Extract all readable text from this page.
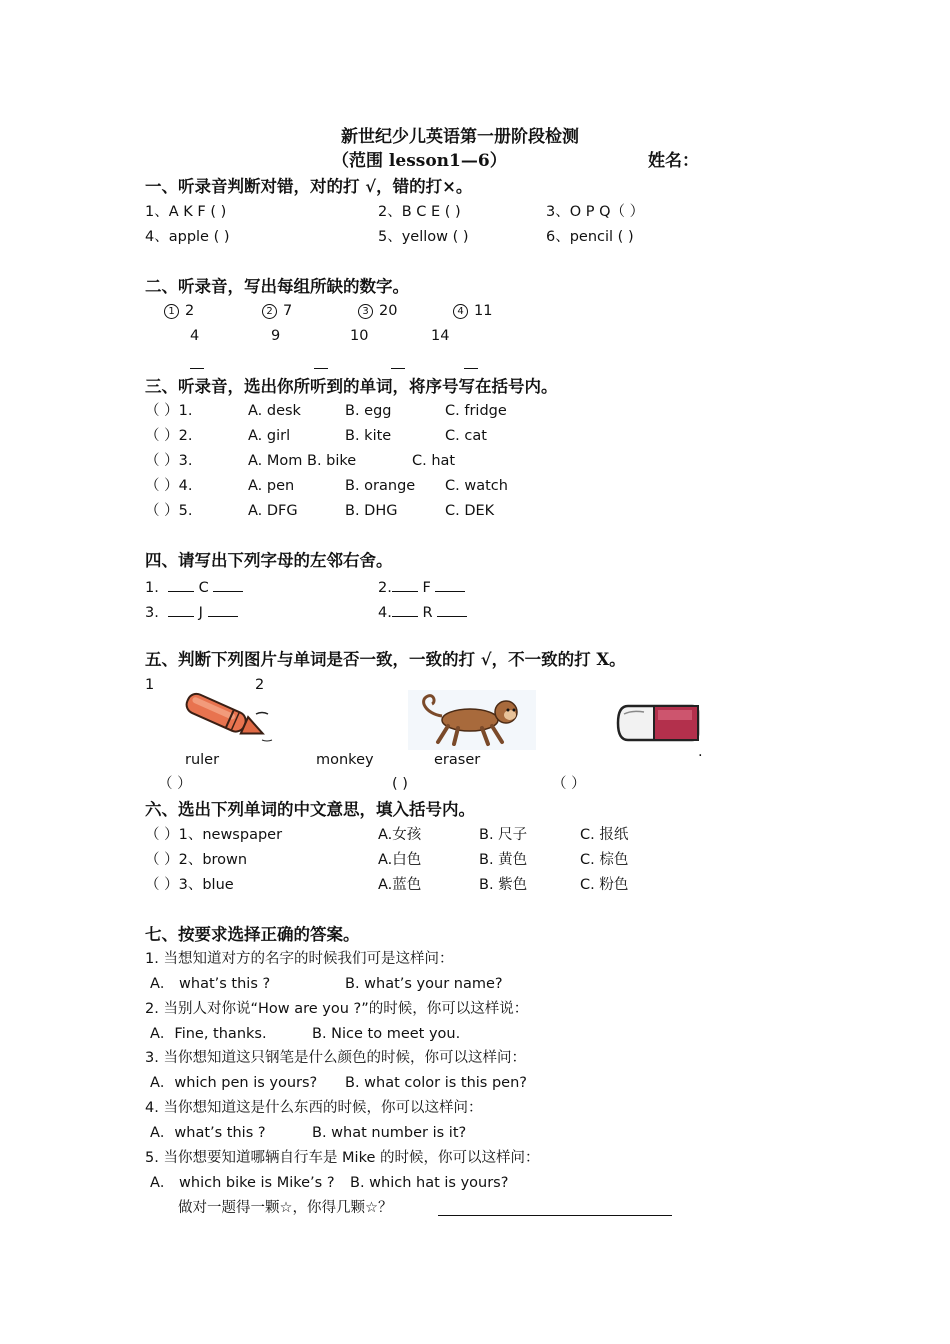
新世纪少儿英语第一册阶段检测
（范围 lesson1—6）	姓名：
一、听录音判断对错，对的打 √，错的打×。
1、A K F ( )	2、B C E ( )	3、O P Q（ ）
4、apple ( )	5、yellow ( )	6、pencil ( )
二、听录音，写出每组所缺的数字。
1 2	2 7	3 20	4 11
4	9	10	14
三、听录音，选出你所听到的单词，将序号写在括号内。
（ ）1.	A. desk	B. egg	C. fridge
（ ）2.	A. girl	B. kite	C. cat
（ ）3.	A. Mom B. bike	C. hat
（ ）4.	A. pen	B. orange C. watch
（ ）5.	A. DFG	B. DHG	C. DEK
四、请写出下列字母的左邻右舍。
1.	C	2. F
3.	J	4. R
五、判断下列图片与单词是否一致，一致的打 √，不一致的打 X。
1	2
.
ruler	monkey	eraser
（ ）	( )	（ ）
六、选出下列单词的中文意思，填入括号内。
（ ）1、newspaper	A.女孩	B. 尺子	C. 报纸
（ ）2、brown	A.白色	B. 黄色	C. 棕色
（ ）3、blue	A.蓝色	B. 紫色	C. 粉色
七、按要求选择正确的答案。
1. 当想知道对方的名字的时候我们可是这样问：
A． what’s this ?	B. what’s your name?
2. 当别人对你说“How are you ?”的时候，你可以这样说：
A．Fine, thanks.	B. Nice to meet you.
3. 当你想知道这只钢笔是什么颜色的时候，你可以这样问：
A．which pen is yours? B. what color is this pen?
4. 当你想知道这是什么东西的时候，你可以这样问：
A．what’s this ?	B. what number is it?
5. 当你想要知道哪辆自行车是 Mike 的时候，你可以这样问：
A． which bike is Mike’s ? B. which hat is yours?
做对一题得一颗☆，你得几颗☆？
